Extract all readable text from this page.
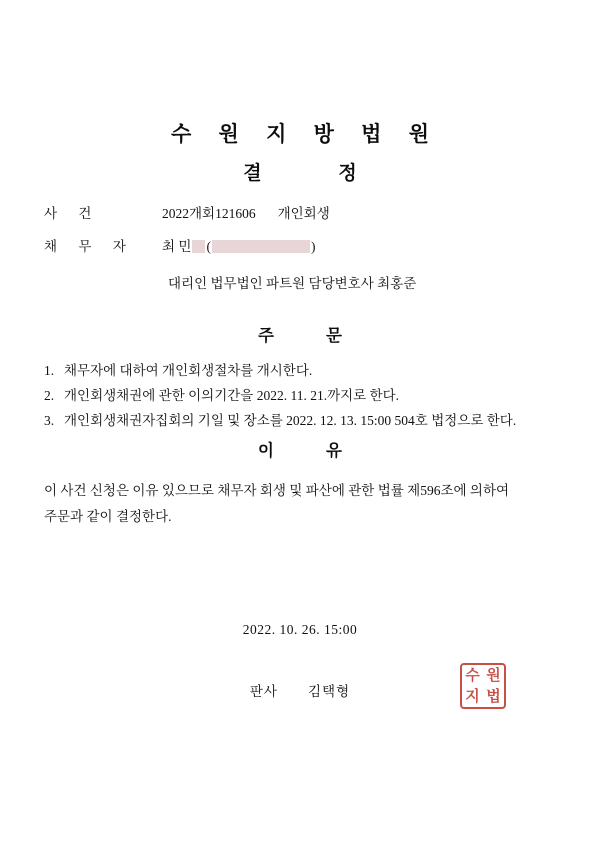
수 원 지 방 법 원
결 정
사 건	2022개회121606 개인회생
채 무 자 최 민 (	)
대리인 법무법인 파트원 담당변호사 최홍준
주 문
1. 채무자에 대하여 개인회생절차를 개시한다.
2. 개인회생채권에 관한 이의기간을 2022. 11. 21.까지로 한다.
3. 개인회생채권자집회의 기일 및 장소를 2022. 12. 13. 15:00 504호 법정으로 한다.
이 유
이 사건 신청은 이유 있으므로 채무자 회생 및 파산에 관한 법률 제596조에 의하여
주문과 같이 결정한다.
2022. 10. 26. 15:00
판사 김택형
수 원
지 법
